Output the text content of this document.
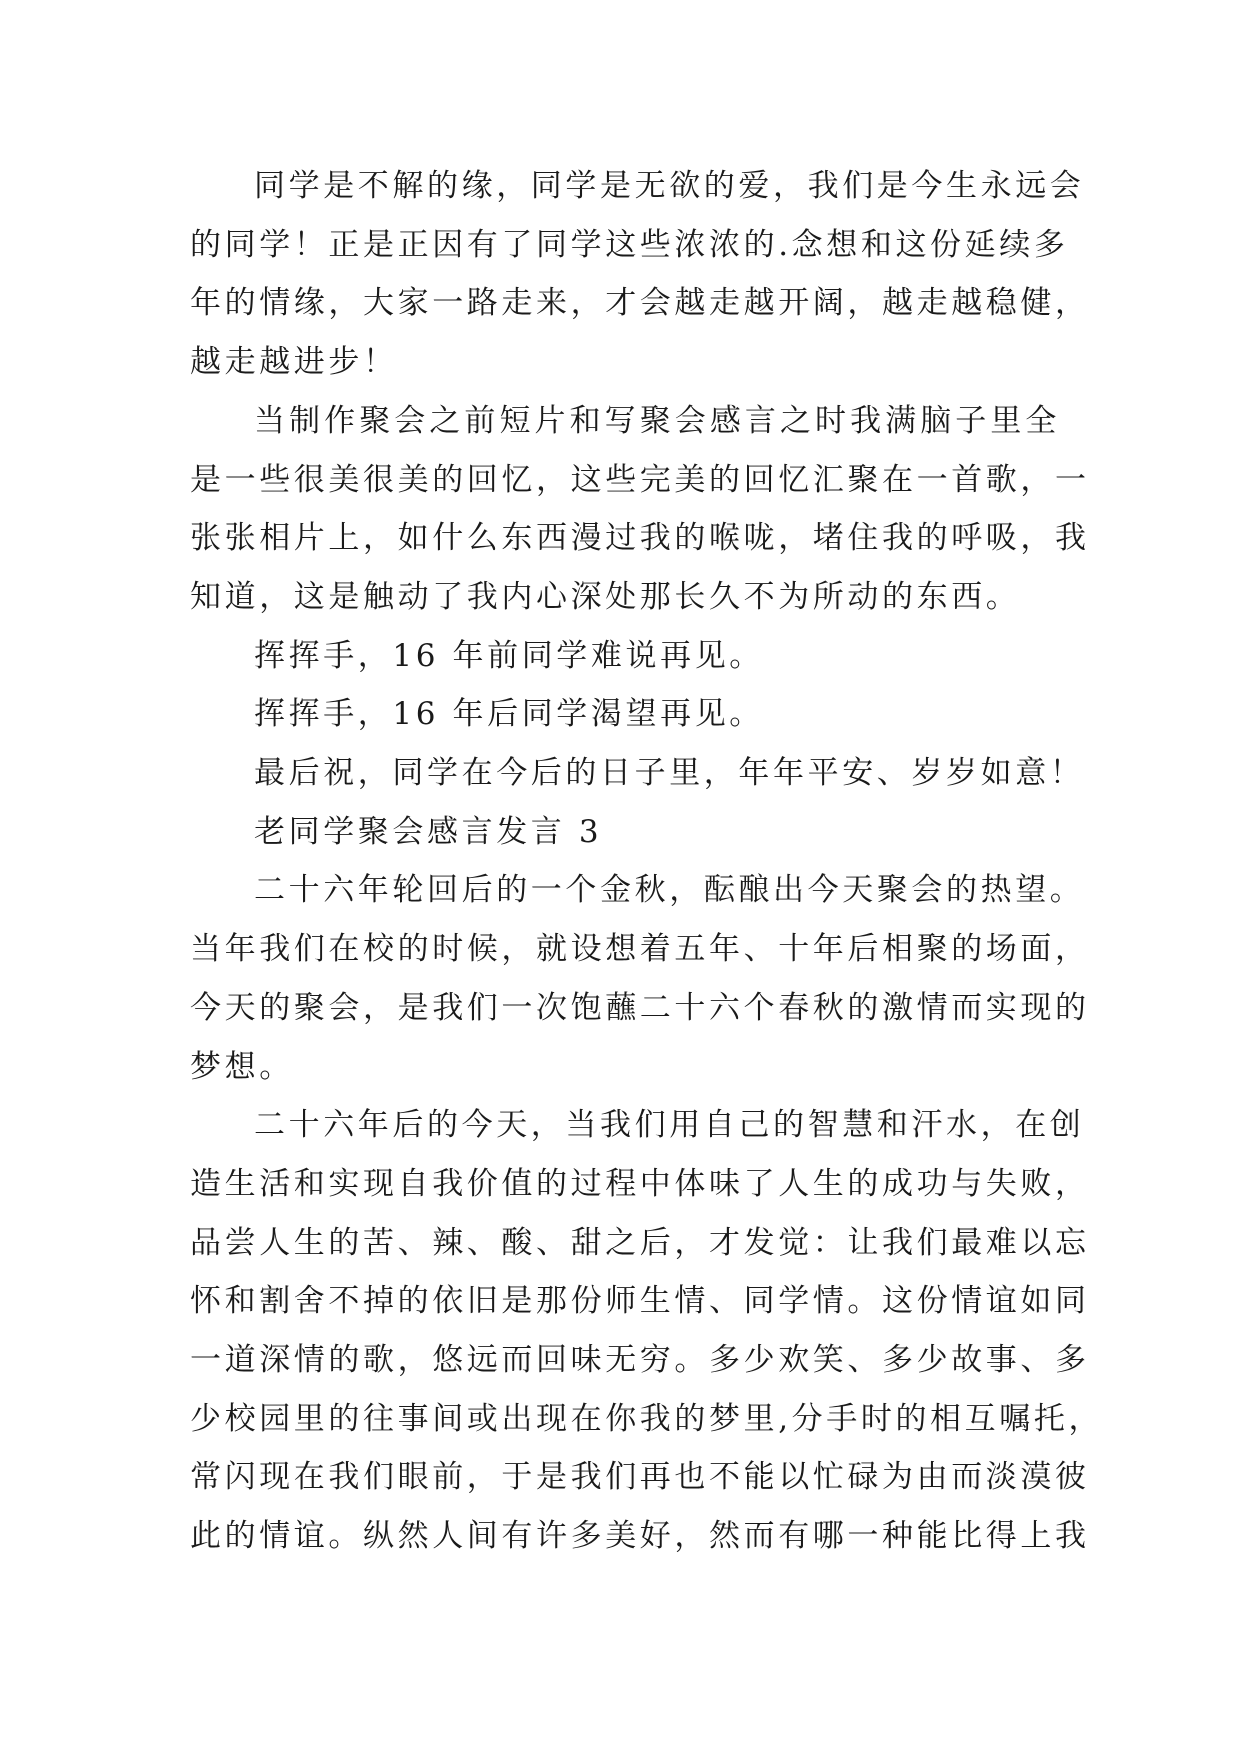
同学是不解的缘，同学是无欲的爱，我们是今生永远会
的同学！正是正因有了同学这些浓浓的.念想和这份延续多
年的情缘，大家一路走来，才会越走越开阔，越走越稳健，
越走越进步！
当制作聚会之前短片和写聚会感言之时我满脑子里全
是一些很美很美的回忆，这些完美的回忆汇聚在一首歌，一
张张相片上，如什么东西漫过我的喉咙，堵住我的呼吸，我
知道，这是触动了我内心深处那长久不为所动的东西。
挥挥手，16 年前同学难说再见。
挥挥手，16 年后同学渴望再见。
最后祝，同学在今后的日子里，年年平安、岁岁如意！
老同学聚会感言发言 3
二十六年轮回后的一个金秋，酝酿出今天聚会的热望。
当年我们在校的时候，就设想着五年、十年后相聚的场面，
今天的聚会，是我们一次饱蘸二十六个春秋的激情而实现的
梦想。
二十六年后的今天，当我们用自己的智慧和汗水，在创
造生活和实现自我价值的过程中体味了人生的成功与失败，
品尝人生的苦、辣、酸、甜之后，才发觉：让我们最难以忘
怀和割舍不掉的依旧是那份师生情、同学情。这份情谊如同
一道深情的歌，悠远而回味无穷。多少欢笑、多少故事、多
少校园里的往事间或出现在你我的梦里,分手时的相互嘱托，
常闪现在我们眼前，于是我们再也不能以忙碌为由而淡漠彼
此的情谊。纵然人间有许多美好，然而有哪一种能比得上我
